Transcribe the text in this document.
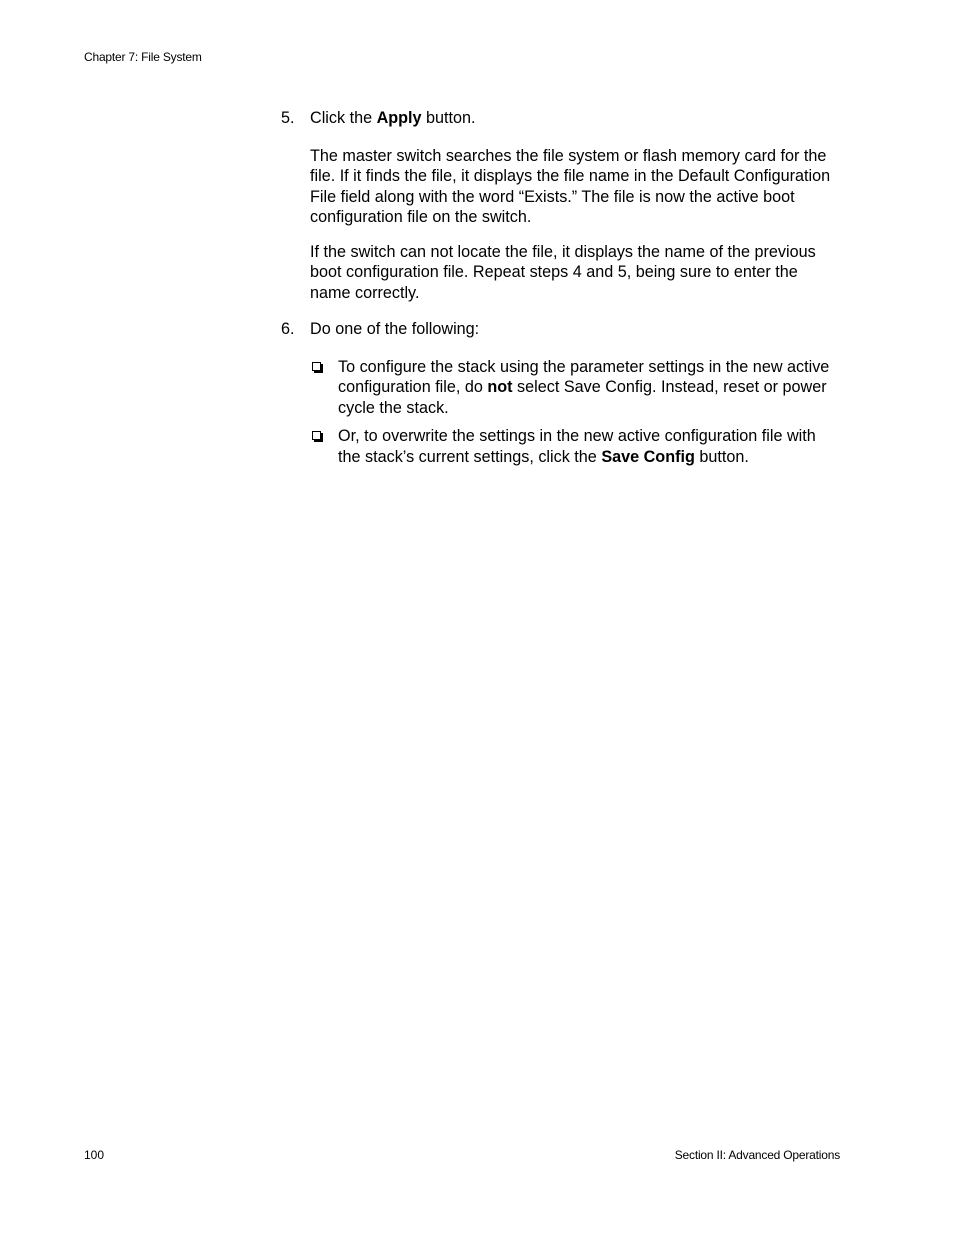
Chapter 7: File System
5. Click the Apply button.

The master switch searches the file system or flash memory card for the file. If it finds the file, it displays the file name in the Default Configuration File field along with the word “Exists.” The file is now the active boot configuration file on the switch.

If the switch can not locate the file, it displays the name of the previous boot configuration file. Repeat steps 4 and 5, being sure to enter the name correctly.

6. Do one of the following:

To configure the stack using the parameter settings in the new active configuration file, do not select Save Config. Instead, reset or power cycle the stack.
Or, to overwrite the settings in the new active configuration file with the stack’s current settings, click the Save Config button.
100	Section II: Advanced Operations
